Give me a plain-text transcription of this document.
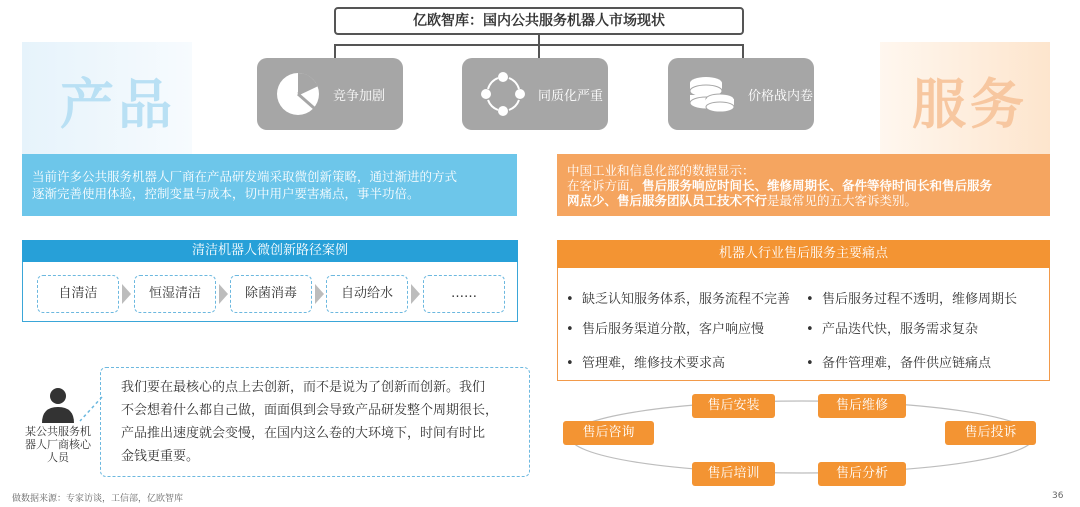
亿欧智库：国内公共服务机器人市场现状
产品	服务
竞争加剧	同质化严重	价格战内卷
当前许多公共服务机器人厂商在产品研发端采取微创新策略，通过渐进的方式
逐渐完善使用体验，控制变量与成本，切中用户要害痛点，事半功倍。
中国工业和信息化部的数据显示：
在客诉方面，售后服务响应时间长、维修周期长、备件等待时间长和售后服务
网点少、售后服务团队员工技术不行是最常见的五大客诉类别。
清洁机器人微创新路径案例
自清洁	恒湿清洁	除菌消毒	自动给水	……
机器人行业售后服务主要痛点
•  缺乏认知服务体系，服务流程不完善 •  售后服务过程不透明，维修周期长
•  售后服务渠道分散，客户响应慢	•  产品迭代快，服务需求复杂
•  管理难，维修技术要求高	•  备件管理难，备件供应链痛点
我们要在最核心的点上去创新，而不是说为了创新而创新。我们
不会想着什么都自己做，面面俱到会导致产品研发整个周期很长，
产品推出速度就会变慢，在国内这么卷的大环境下，时间有时比
金钱更重要。
某公共服务机
器人厂商核心
人员
售后安装	售后维修
售后投诉
售后分析
售后培训
售后咨询
做数据来源：专家访谈，工信部，亿欧智库	36
